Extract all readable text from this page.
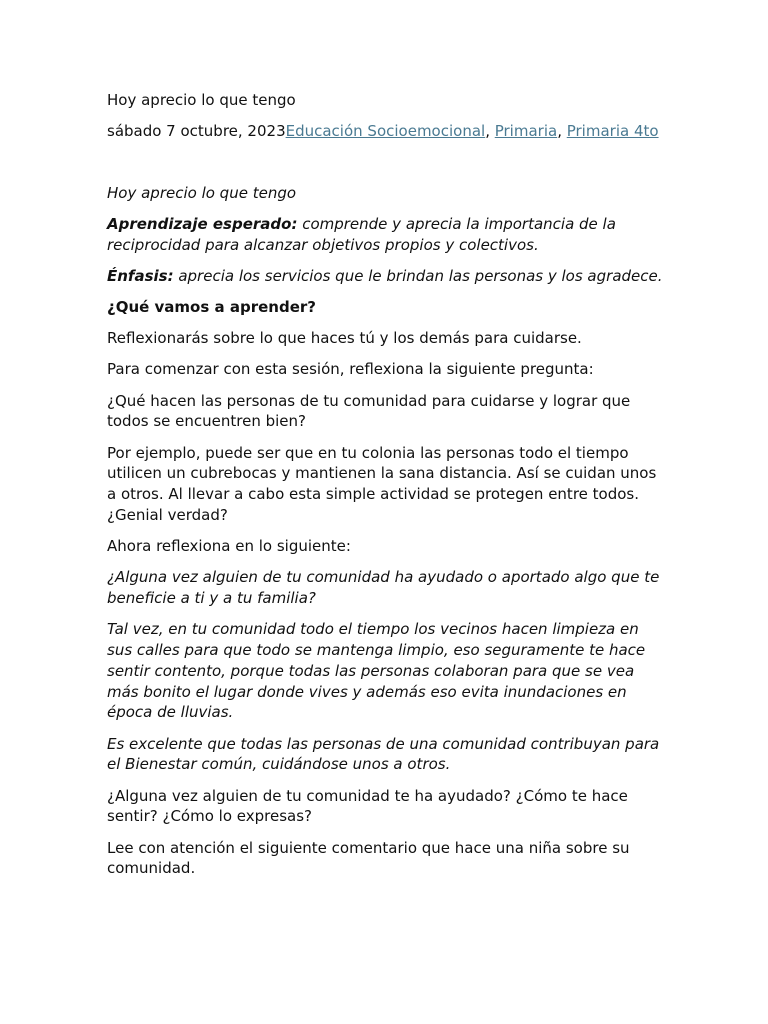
Hoy aprecio lo que tengo
sábado 7 octubre, 2023Educación Socioemocional, Primaria, Primaria 4to

Hoy aprecio lo que tengo

Aprendizaje esperado: comprende y aprecia la importancia de la reciprocidad para alcanzar objetivos propios y colectivos.

Énfasis: aprecia los servicios que le brindan las personas y los agradece.

¿Qué vamos a aprender?

Reflexionarás sobre lo que haces tú y los demás para cuidarse.

Para comenzar con esta sesión, reflexiona la siguiente pregunta:

¿Qué hacen las personas de tu comunidad para cuidarse y lograr que todos se encuentren bien?

Por ejemplo, puede ser que en tu colonia las personas todo el tiempo utilicen un cubrebocas y mantienen la sana distancia. Así se cuidan unos a otros. Al llevar a cabo esta simple actividad se protegen entre todos. ¿Genial verdad?

Ahora reflexiona en lo siguiente:

¿Alguna vez alguien de tu comunidad ha ayudado o aportado algo que te beneficie a ti y a tu familia?

Tal vez, en tu comunidad todo el tiempo los vecinos hacen limpieza en sus calles para que todo se mantenga limpio, eso seguramente te hace sentir contento, porque todas las personas colaboran para que se vea más bonito el lugar donde vives y además eso evita inundaciones en época de lluvias.

Es excelente que todas las personas de una comunidad contribuyan para el Bienestar común, cuidándose unos a otros.

¿Alguna vez alguien de tu comunidad te ha ayudado? ¿Cómo te hace sentir? ¿Cómo lo expresas?

Lee con atención el siguiente comentario que hace una niña sobre su comunidad.
